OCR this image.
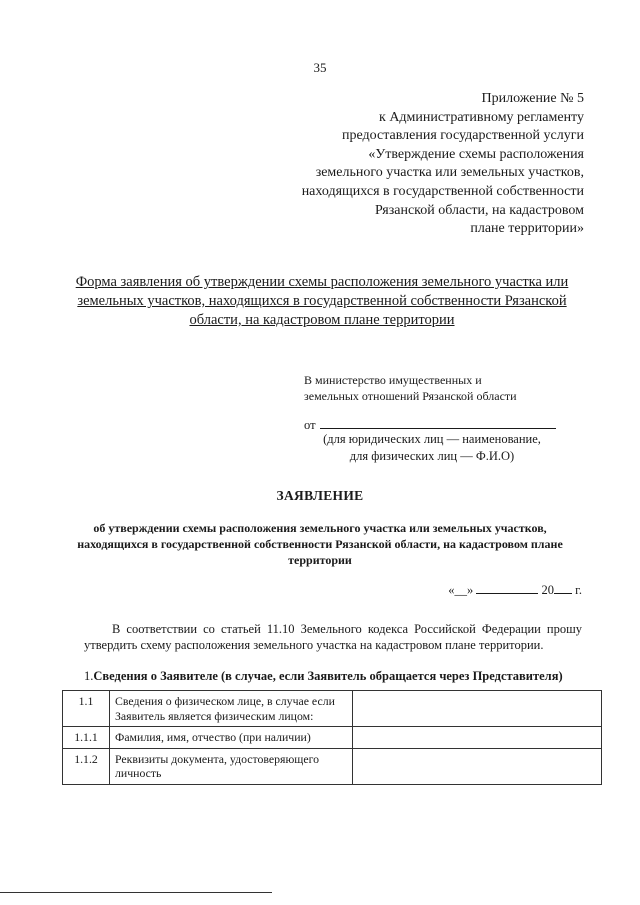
35
Приложение № 5
к Административному регламенту
предоставления государственной услуги
«Утверждение схемы расположения
земельного участка или земельных участков,
находящихся в государственной собственности
Рязанской области, на кадастровом
плане территории»
Форма заявления об утверждении схемы расположения земельного участка или земельных участков, находящихся в государственной собственности Рязанской области, на кадастровом плане территории
В министерство имущественных и
земельных отношений Рязанской области
от
(для юридических лиц — наименование,
для физических лиц — Ф.И.О)
ЗАЯВЛЕНИЕ
об утверждении схемы расположения земельного участка или земельных участков, находящихся в государственной собственности Рязанской области, на кадастровом плане территории
«__»	20 г.
В соответствии со статьей 11.10 Земельного кодекса Российской Федерации прошу утвердить схему расположения земельного участка на кадастровом плане территории.
1.Сведения о Заявителе (в случае, если Заявитель обращается через Представителя)
1.1	Сведения о физическом лице, в случае если Заявитель является физическим лицом:	
1.1.1	Фамилия, имя, отчество (при наличии)	
1.1.2	Реквизиты документа, удостоверяющего личность	
